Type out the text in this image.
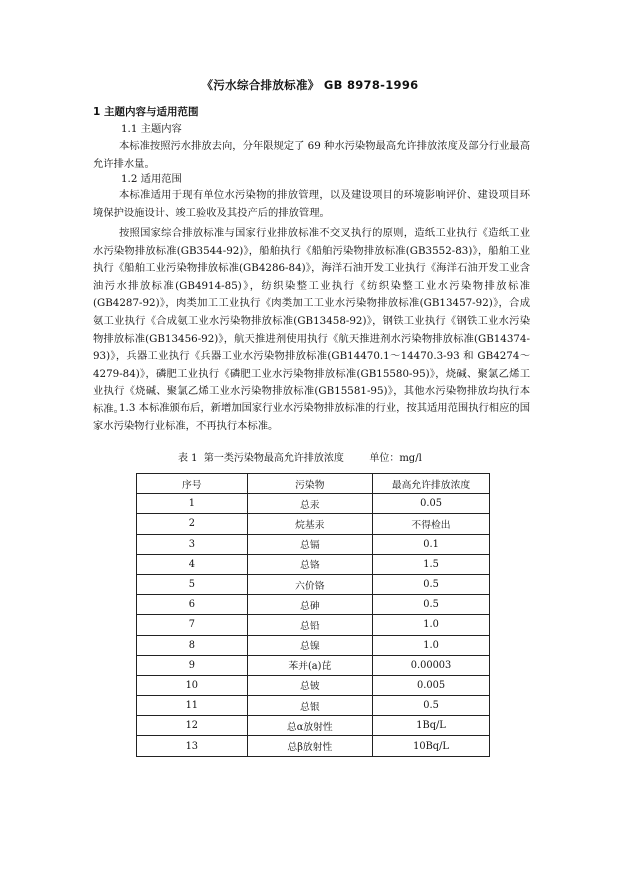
《污水综合排放标准》 GB 8978-1996
1 主题内容与适用范围
1.1 主题内容

本标准按照污水排放去向，分年限规定了 69 种水污染物最高允许排放浓度及部分行业最高允许排水量。

1.2 适用范围

本标准适用于现有单位水污染物的排放管理，以及建设项目的环境影响评价、建设项目环境保护设施设计、竣工验收及其投产后的排放管理。

按照国家综合排放标准与国家行业排放标准不交叉执行的原则，造纸工业执行《造纸工业水污染物排放标准(GB3544-92)》，船舶执行《船舶污染物排放标准(GB3552-83)》，船舶工业执行《船舶工业污染物排放标准(GB4286-84)》，海洋石油开发工业执行《海洋石油开发工业含油污水排放标准(GB4914-85)》，纺织染整工业执行《纺织染整工业水污染物排放标准(GB4287-92)》，肉类加工工业执行《肉类加工工业水污染物排放标准(GB13457-92)》，合成氨工业执行《合成氨工业水污染物排放标准(GB13458-92)》，钢铁工业执行《钢铁工业水污染物排放标准(GB13456-92)》，航天推进剂使用执行《航天推进剂水污染物排放标准(GB14374-93)》，兵器工业执行《兵器工业水污染物排放标准(GB14470.1～14470.3-93 和 GB4274～4279-84)》，磷肥工业执行《磷肥工业水污染物排放标准(GB15580-95)》，烧碱、聚氯乙烯工业执行《烧碱、聚氯乙烯工业水污染物排放标准(GB15581-95)》，其他水污染物排放均执行本标准。

1.3 本标准颁布后，新增加国家行业水污染物排放标准的行业，按其适用范围执行相应的国家水污染物行业标准，不再执行本标准。

表 1  第一类污染物最高允许排放浓度        单位：mg/l
序号	污染物	最高允许排放浓度
1	总汞	0.05
2	烷基汞	不得检出
3	总镉	0.1
4	总铬	1.5
5	六价铬	0.5
6	总砷	0.5
7	总铅	1.0
8	总镍	1.0
9	苯并(a)芘	0.00003
10	总铍	0.005
11	总银	0.5
12	总α放射性	1Bq/L
13	总β放射性	10Bq/L
